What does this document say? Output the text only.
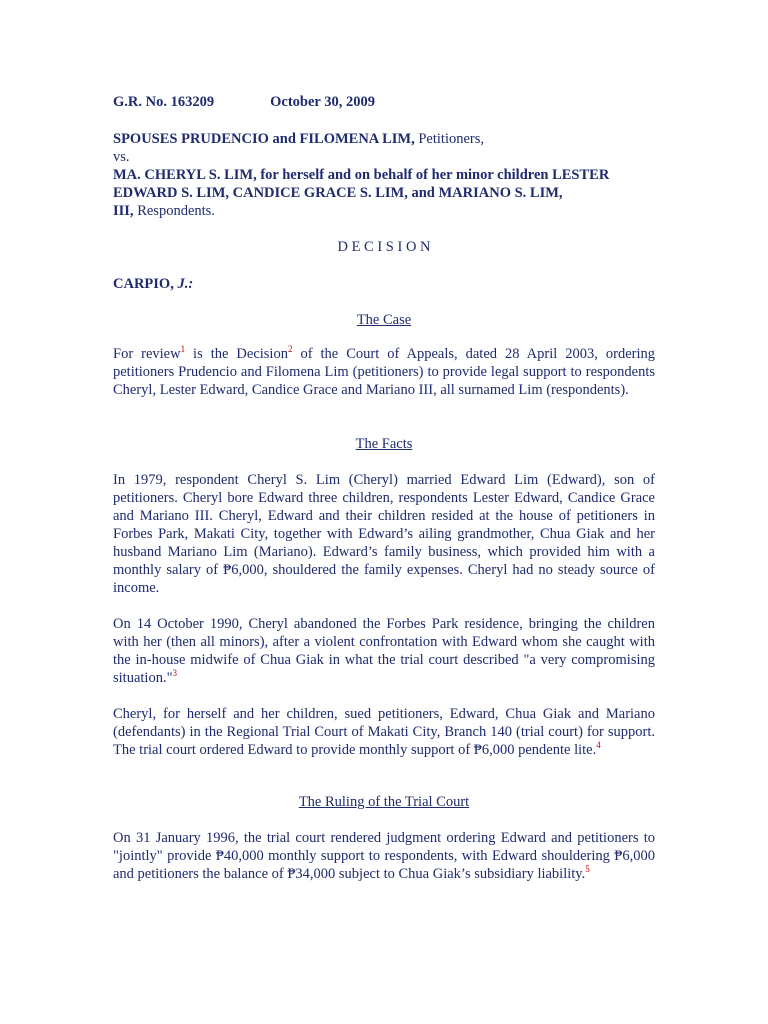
G.R. No. 163209	October 30, 2009

SPOUSES PRUDENCIO and FILOMENA LIM, Petitioners,

vs.

MA. CHERYL S. LIM, for herself and on behalf of her minor children LESTER

EDWARD S. LIM, CANDICE GRACE S. LIM, and MARIANO S. LIM,

III, Respondents.

D E C I S I O N

CARPIO, J.:

The Case

For review$^1$ is the Decision$^2$ of the Court of Appeals, dated 28 April 2003, ordering petitioners Prudencio and Filomena Lim (petitioners) to provide legal support to respondents Cheryl, Lester Edward, Candice Grace and Mariano III, all surnamed Lim (respondents).

The Facts

In 1979, respondent Cheryl S. Lim (Cheryl) married Edward Lim (Edward), son of petitioners. Cheryl bore Edward three children, respondents Lester Edward, Candice Grace and Mariano III. Cheryl, Edward and their children resided at the house of petitioners in Forbes Park, Makati City, together with Edward’s ailing grandmother, Chua Giak and her husband Mariano Lim (Mariano). Edward’s family business, which provided him with a monthly salary of ₱6,000, shouldered the family expenses. Cheryl had no steady source of income.
On 14 October 1990, Cheryl abandoned the Forbes Park residence, bringing the children with her (then all minors), after a violent confrontation with Edward whom she caught with the in-house midwife of Chua Giak in what the trial court described "a very compromising situation."$^3$
Cheryl, for herself and her children, sued petitioners, Edward, Chua Giak and Mariano (defendants) in the Regional Trial Court of Makati City, Branch 140 (trial court) for support. The trial court ordered Edward to provide monthly support of ₱6,000 pendente lite.$^4$

The Ruling of the Trial Court

On 31 January 1996, the trial court rendered judgment ordering Edward and petitioners to "jointly" provide ₱40,000 monthly support to respondents, with Edward shouldering ₱6,000 and petitioners the balance of ₱34,000 subject to Chua Giak’s subsidiary liability.$^5$
